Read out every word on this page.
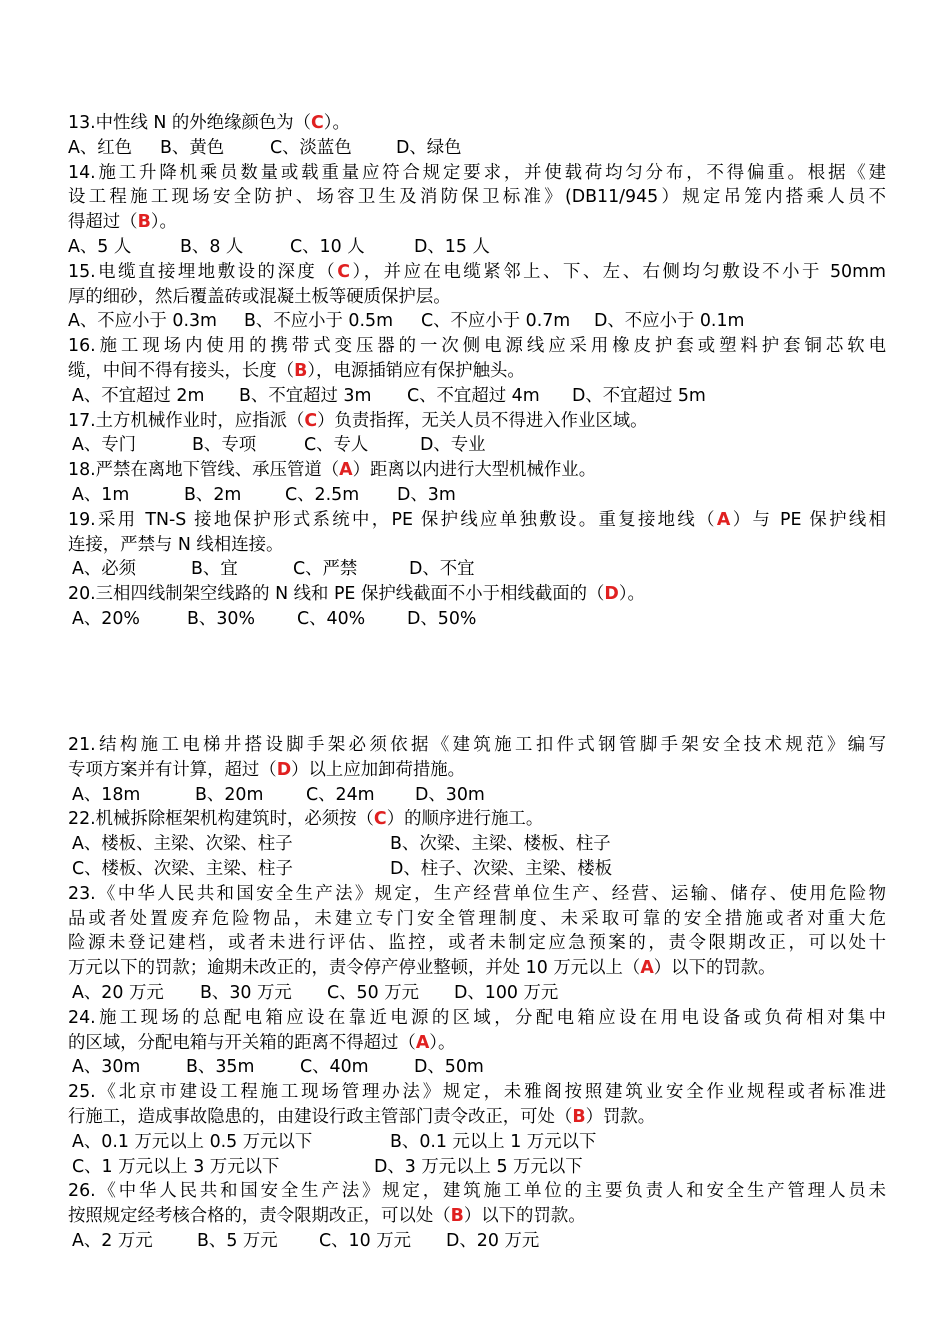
13.中性线 N 的外绝缘颜色为（C）。
A、红色 B、黄色	C、淡蓝色	D、绿色
14.施工升降机乘员数量或载重量应符合规定要求，并使载荷均匀分布，不得偏重。根据《建
设工程施工现场安全防护、场容卫生及消防保卫标准》(DB11/945）规定吊笼内搭乘人员不
得超过（B）。
A、5 人	B、8 人	C、10 人	D、15 人
15.电缆直接埋地敷设的深度（C），并应在电缆紧邻上、下、左、右侧均匀敷设不小于 50mm
厚的细砂，然后覆盖砖或混凝土板等硬质保护层。
A、不应小于 0.3m B、不应小于 0.5m C、不应小于 0.7m D、不应小于 0.1m
16.施工现场内使用的携带式变压器的一次侧电源线应采用橡皮护套或塑料护套铜芯软电
缆，中间不得有接头，长度（B），电源插销应有保护触头。
A、不宜超过 2m B、不宜超过 3m C、不宜超过 4m D、不宜超过 5m
17.土方机械作业时，应指派（C）负责指挥，无关人员不得进入作业区域。
A、专门	B、专项	C、专人	D、专业
18.严禁在离地下管线、承压管道（A）距离以内进行大型机械作业。
A、1m	B、2m	C、2.5m D、3m
19.采用 TN-S 接地保护形式系统中，PE 保护线应单独敷设。重复接地线（A）与 PE 保护线相
连接，严禁与 N 线相连接。
A、必须	B、宜	C、严禁	D、不宜
20.三相四线制架空线路的 N 线和 PE 保护线截面不小于相线截面的（D）。
A、20%	B、30% C、40% D、50%
21.结构施工电梯井搭设脚手架必须依据《建筑施工扣件式钢管脚手架安全技术规范》编写
专项方案并有计算，超过（D）以上应加卸荷措施。
A、18m	B、20m C、24m D、30m
22.机械拆除框架机构建筑时，必须按（C）的顺序进行施工。
A、楼板、主梁、次梁、柱子	B、次梁、主梁、楼板、柱子
C、楼板、次梁、主梁、柱子	D、柱子、次梁、主梁、楼板
23.《中华人民共和国安全生产法》规定，生产经营单位生产、经营、运输、储存、使用危险物
品或者处置废弃危险物品，未建立专门安全管理制度、未采取可靠的安全措施或者对重大危
险源未登记建档，或者未进行评估、监控，或者未制定应急预案的，责令限期改正，可以处十
万元以下的罚款；逾期未改正的，责令停产停业整顿，并处 10 万元以上（A）以下的罚款。
A、20 万元 B、30 万元 C、50 万元 D、100 万元
24.施工现场的总配电箱应设在靠近电源的区域，分配电箱应设在用电设备或负荷相对集中
的区域，分配电箱与开关箱的距离不得超过（A）。
A、30m	B、35m	C、40m	D、50m
25.《北京市建设工程施工现场管理办法》规定，未雅阁按照建筑业安全作业规程或者标准进
行施工，造成事故隐患的，由建设行政主管部门责令改正，可处（B）罚款。
A、0.1 万元以上 0.5 万元以下	B、0.1 元以上 1 万元以下
C、1 万元以上 3 万元以下	D、3 万元以上 5 万元以下
26.《中华人民共和国安全生产法》规定，建筑施工单位的主要负责人和安全生产管理人员未
按照规定经考核合格的，责令限期改正，可以处（B）以下的罚款。
A、2 万元	B、5 万元 C、10 万元 D、20 万元
